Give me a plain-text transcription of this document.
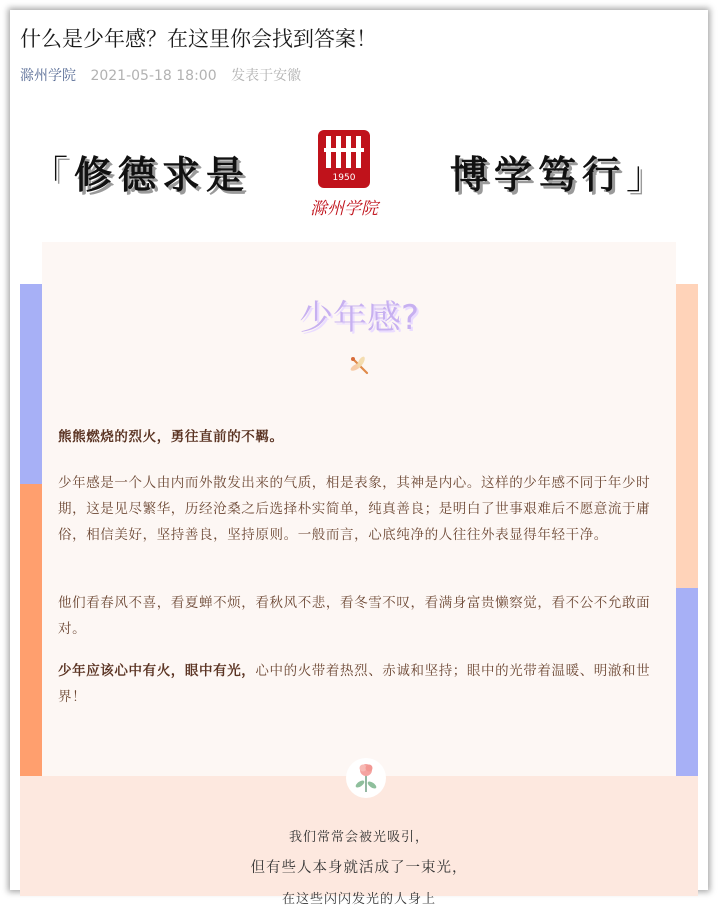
什么是少年感？在这里你会找到答案！
滁州学院 2021-05-18 18:00 发表于安徽
「修德求是	1950
滁州学院
博学笃行」
少年感?

熊熊燃烧的烈火，勇往直前的不羁。

少年感是一个人由内而外散发出来的气质，相是表象，其神是内心。这样的少年感不同于年少时期，这是见尽繁华，历经沧桑之后选择朴实简单，纯真善良；是明白了世事艰难后不愿意流于庸俗，相信美好，坚持善良，坚持原则。一般而言，心底纯净的人往往外表显得年轻干净。

他们看春风不喜，看夏蝉不烦，看秋风不悲，看冬雪不叹，看满身富贵懒察觉，看不公不允敢面对。

少年应该心中有火，眼中有光，心中的火带着热烈、赤诚和坚持；眼中的光带着温暖、明澈和世界！

我们常常会被光吸引，
但有些人本身就活成了一束光，
在这些闪闪发光的人身上
